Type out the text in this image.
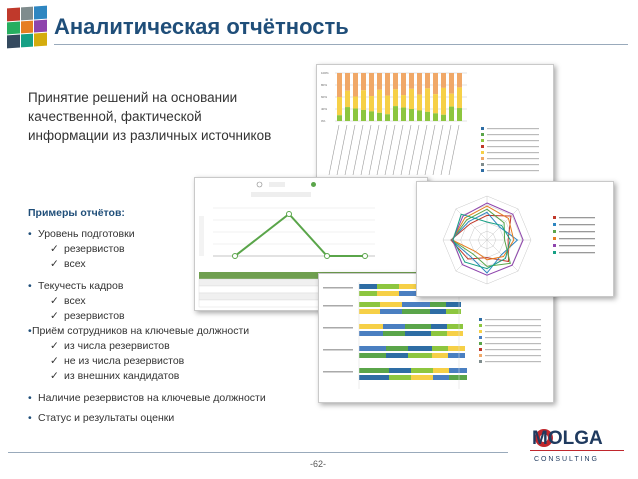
Аналитическая отчётность
Принятие решений на основании качественной, фактической информации из различных источников
Примеры отчётов:
• Уровень подготовки
✓ резервистов
✓ всех
• Текучесть кадров
✓ всех
✓ резервистов
•Приём сотрудников на ключевые должности
✓ из числа резервистов
✓ не из числа резервистов
✓ из внешних кандидатов
• Наличие резервистов на ключевые должности
• Статус и результаты оценки
100%
80%
60%
40%
0%
-62-
MOLGA
C O N S U L T I N G
